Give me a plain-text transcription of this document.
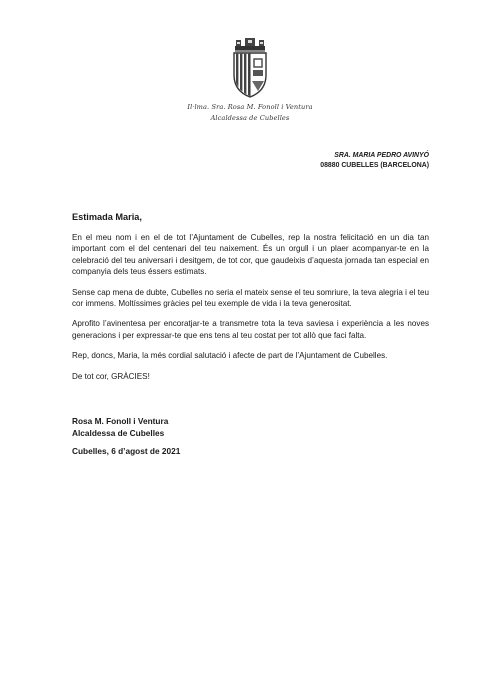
Il·lma. Sra. Rosa M. Fonoll i Ventura
Alcaldessa de Cubelles
SRA. MARIA PEDRO AVINYÓ
08880 CUBELLES (BARCELONA)
Estimada Maria,

En el meu nom i en el de tot l’Ajuntament de Cubelles, rep la nostra felicitació en un dia tan important com el del centenari del teu naixement. És un orgull i un plaer acompanyar-te en la celebració del teu aniversari i desitgem, de tot cor, que gaudeixis d’aquesta jornada tan especial en companyia dels teus éssers estimats.

Sense cap mena de dubte, Cubelles no seria el mateix sense el teu somriure, la teva alegria i el teu cor immens. Moltíssimes gràcies pel teu exemple de vida i la teva generositat.

Aprofito l’avinentesa per encoratjar-te a transmetre tota la teva saviesa i experiència a les noves generacions i per expressar-te que ens tens al teu costat per tot allò que faci falta.

Rep, doncs, Maria, la més cordial salutació i afecte de part de l’Ajuntament de Cubelles.

De tot cor, GRÀCIES!

Rosa M. Fonoll i Ventura
Alcaldessa de Cubelles
Cubelles, 6 d’agost de 2021
